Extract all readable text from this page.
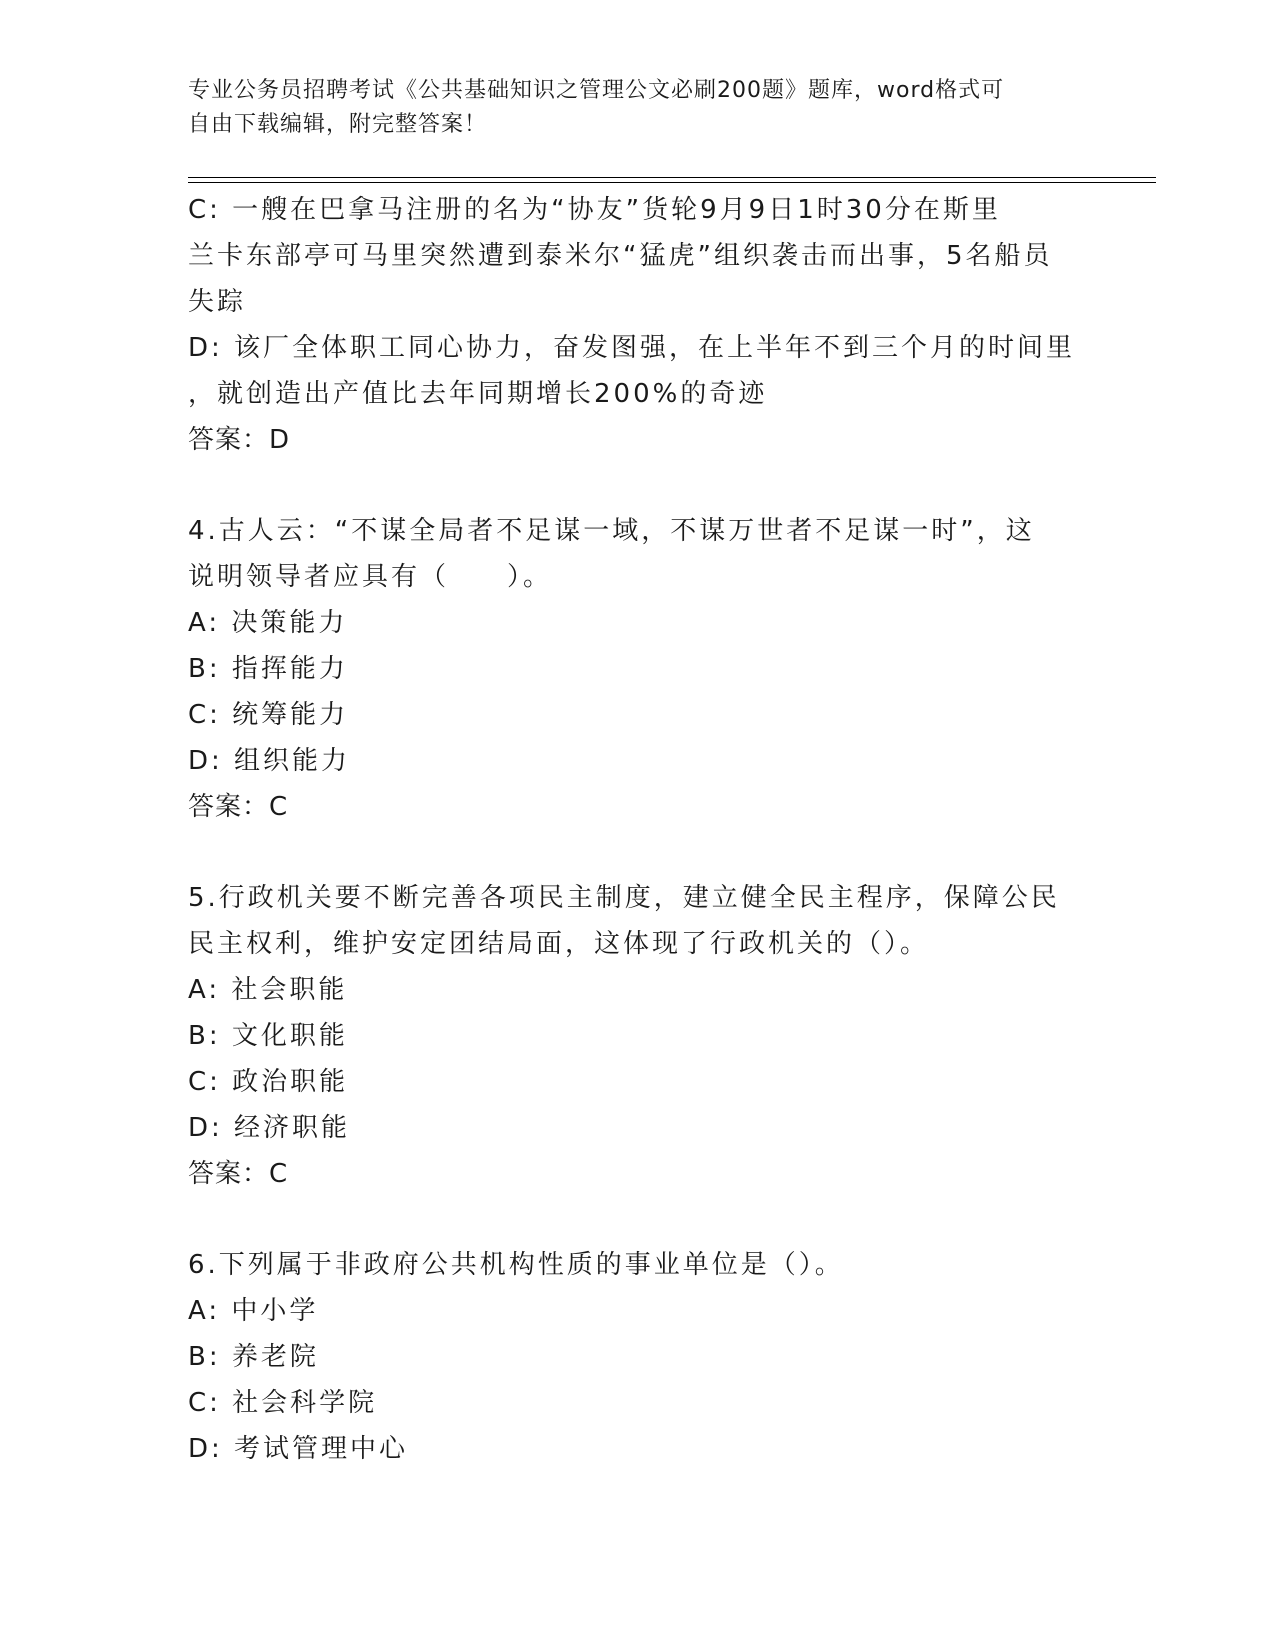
专业公务员招聘考试《公共基础知识之管理公文必刷200题》题库，word格式可
自由下载编辑，附完整答案！
C: 一艘在巴拿马注册的名为“协友”货轮9月9日1时30分在斯里
兰卡东部亭可马里突然遭到泰米尔“猛虎”组织袭击而出事，5名船员
失踪
D: 该厂全体职工同心协力，奋发图强，在上半年不到三个月的时间里
，就创造出产值比去年同期增长200%的奇迹
答案：D
4.古人云：“不谋全局者不足谋一域，不谋万世者不足谋一时”，这
说明领导者应具有（　　）。
A: 决策能力
B: 指挥能力
C: 统筹能力
D: 组织能力
答案：C
5.行政机关要不断完善各项民主制度，建立健全民主程序，保障公民
民主权利，维护安定团结局面，这体现了行政机关的（）。
A: 社会职能
B: 文化职能
C: 政治职能
D: 经济职能
答案：C
6.下列属于非政府公共机构性质的事业单位是（）。
A: 中小学
B: 养老院
C: 社会科学院
D: 考试管理中心
